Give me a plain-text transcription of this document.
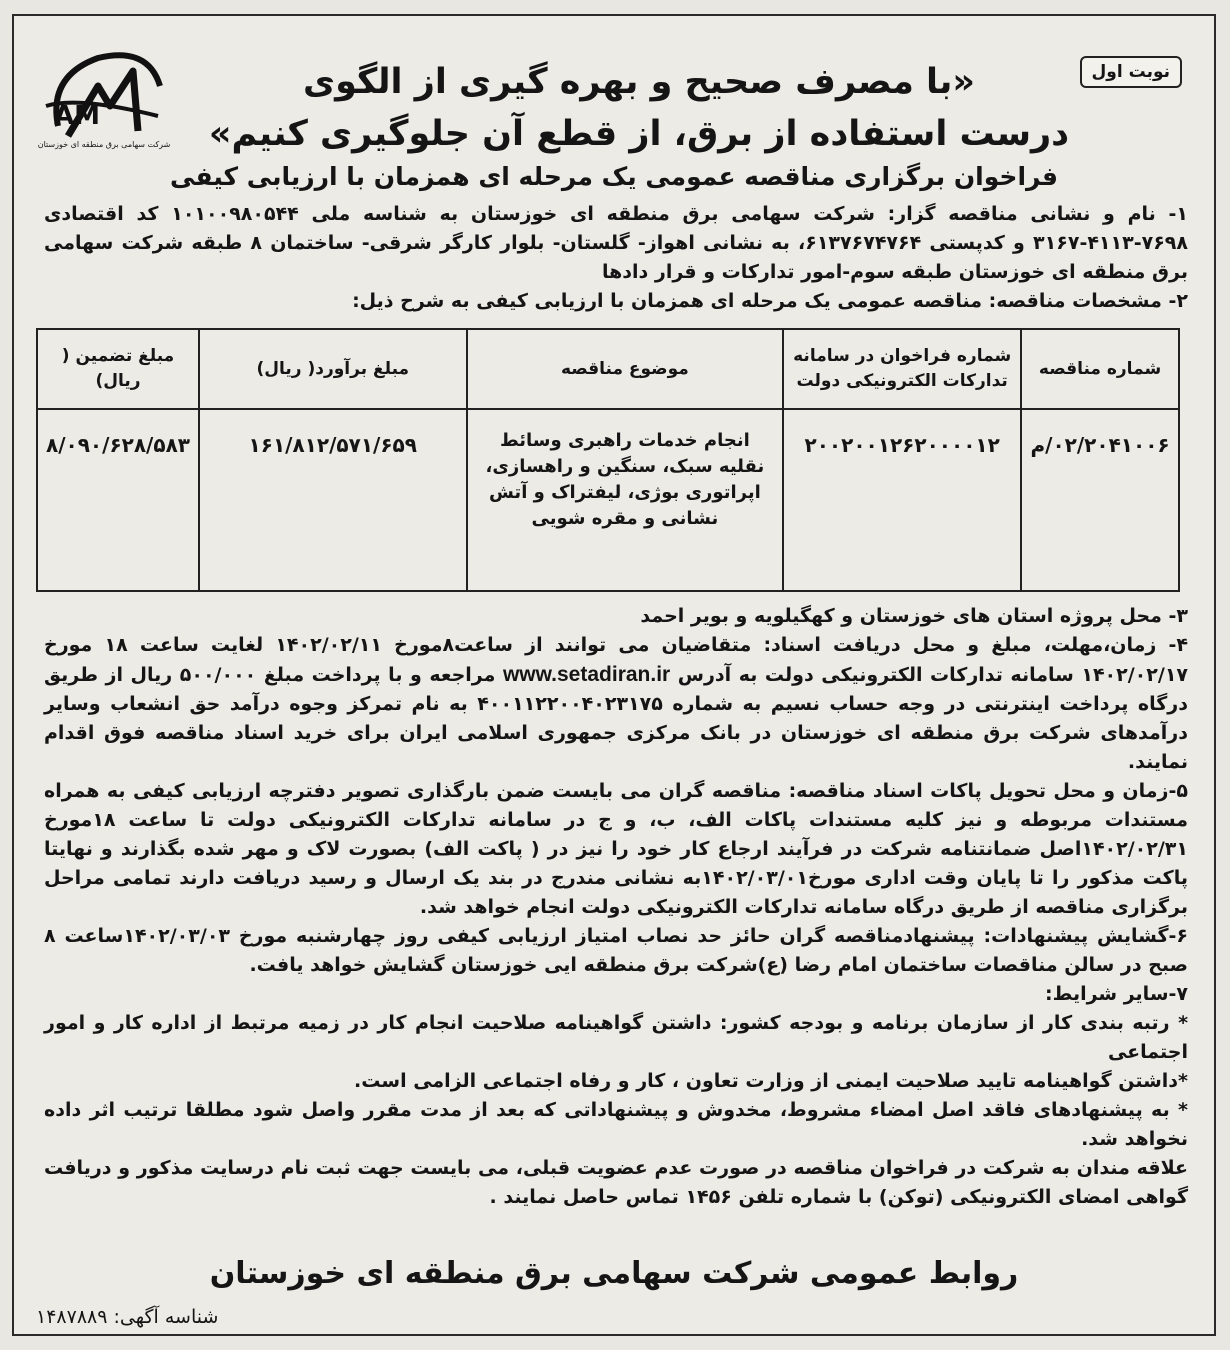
نوبت اول
AM
شرکت سهامی برق منطقه ای خوزستان
«با مصرف صحیح و بهره گیری از الگوی
درست استفاده از برق، از قطع آن جلوگیری کنیم»
فراخوان برگزاری مناقصه عمومی یک مرحله ای همزمان با ارزیابی کیفی

۱- نام و نشانی مناقصه گزار: شرکت سهامی برق منطقه ای خوزستان به شناسه ملی ۱۰۱۰۰۹۸۰۵۴۴ کد اقتصادی ۷۶۹۸-۴۱۱۳-۳۱۶۷ و کدپستی ۶۱۳۷۶۷۴۷۶۴، به نشانی اهواز- گلستان- بلوار کارگر شرقی- ساختمان ۸ طبقه شرکت سهامی برق منطقه ای خوزستان طبقه سوم-امور تدارکات و قرار دادها

۲- مشخصات مناقصه: مناقصه عمومی یک مرحله ای همزمان با ارزیابی کیفی به شرح ذیل:

شماره مناقصه	شماره فراخوان در سامانه تدارکات الکترونیکی دولت	موضوع مناقصه	مبلغ برآورد( ریال)	مبلغ تضمین ( ریال)
۰۲/۲۰۴۱۰۰۶/م	۲۰۰۲۰۰۱۲۶۲۰۰۰۰۱۲	انجام خدمات راهبری وسائط نقلیه سبک، سنگین و راهسازی، اپراتوری بوژی، لیفتراک و آتش نشانی و مقره شویی	۱۶۱/۸۱۲/۵۷۱/۶۵۹	۸/۰۹۰/۶۲۸/۵۸۳

۳- محل پروژه استان های خوزستان و کهگیلویه و بویر احمد

۴- زمان،مهلت، مبلغ و محل دریافت اسناد: متقاضیان می توانند از ساعت۸مورخ ۱۴۰۲/۰۲/۱۱ لغایت ساعت ۱۸ مورخ ۱۴۰۲/۰۲/۱۷ سامانه تدارکات الکترونیکی دولت به آدرس www.setadiran.ir مراجعه و با پرداخت مبلغ ۵۰۰/۰۰۰ ریال از طریق درگاه پرداخت اینترنتی در وجه حساب نسیم به شماره ۴۰۰۱۱۲۲۰۰۴۰۲۳۱۷۵ به نام تمرکز وجوه درآمد حق انشعاب وسایر درآمدهای شرکت برق منطقه ای خوزستان در بانک مرکزی جمهوری اسلامی ایران برای خرید اسناد مناقصه فوق اقدام نمایند.

۵-زمان و محل تحویل پاکات اسناد مناقصه: مناقصه گران می بایست ضمن بارگذاری تصویر دفترچه ارزیابی کیفی به همراه مستندات مربوطه و نیز کلیه مستندات پاکات الف، ب، و ج در سامانه تدارکات الکترونیکی دولت تا ساعت ۱۸مورخ ۱۴۰۲/۰۲/۳۱اصل ضمانتنامه شرکت در فرآیند ارجاع کار خود را نیز در ( پاکت الف) بصورت لاک و مهر شده بگذارند و نهایتا پاکت مذکور را تا پایان وقت اداری مورخ۱۴۰۲/۰۳/۰۱به نشانی مندرج در بند یک ارسال و رسید دریافت دارند تمامی مراحل برگزاری مناقصه از طریق درگاه سامانه تدارکات الکترونیکی دولت انجام خواهد شد.

۶-گشایش پیشنهادات: پیشنهادمناقصه گران حائز حد نصاب امتیاز ارزیابی کیفی روز چهارشنبه مورخ ۱۴۰۲/۰۳/۰۳ساعت ۸ صبح در سالن مناقصات ساختمان امام رضا (ع)شرکت برق منطقه ایی خوزستان گشایش خواهد یافت.

۷-سایر شرایط:

* رتبه بندی کار از سازمان برنامه و بودجه کشور: داشتن گواهینامه صلاحیت انجام کار در زمیه مرتبط از اداره کار و امور اجتماعی

*داشتن گواهینامه تایید صلاحیت ایمنی از وزارت تعاون ، کار و رفاه اجتماعی الزامی است.

* به پیشنهادهای فاقد اصل امضاء مشروط، مخدوش و پیشنهاداتی که بعد از مدت مقرر واصل شود مطلقا ترتیب اثر داده نخواهد شد.

علاقه مندان به شرکت در فراخوان مناقصه در صورت عدم عضویت قبلی، می بایست جهت ثبت نام درسایت مذکور و دریافت گواهی امضای الکترونیکی (توکن) با شماره تلفن ۱۴۵۶ تماس حاصل نمایند .

روابط عمومی شرکت سهامی برق منطقه ای خوزستان
شناسه آگهی: ۱۴۸۷۸۸۹
